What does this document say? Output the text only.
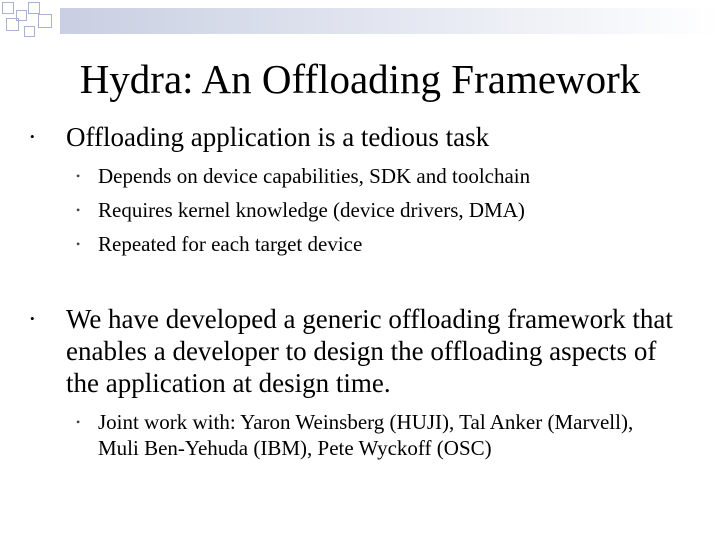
Hydra: An Offloading Framework
• Offloading application is a tedious task
• Depends on device capabilities, SDK and toolchain
• Requires kernel knowledge (device drivers, DMA)
• Repeated for each target device
• We have developed a generic offloading framework that enables a developer to design the offloading aspects of the application at design time.
• Joint work with: Yaron Weinsberg (HUJI), Tal Anker (Marvell), Muli Ben-Yehuda (IBM), Pete Wyckoff (OSC)
